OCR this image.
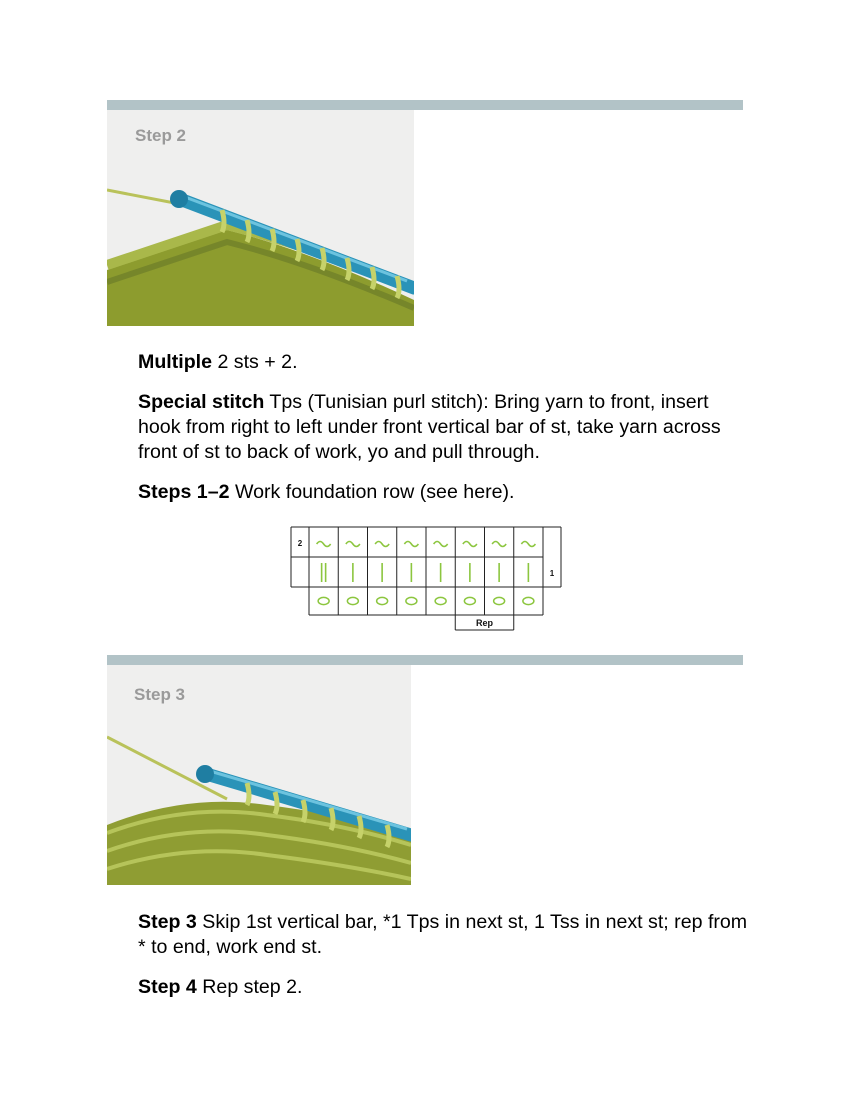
Step 2

Multiple 2 sts + 2.

Special stitch Tps (Tunisian purl stitch): Bring yarn to front, insert hook from right to left under front vertical bar of st, take yarn across front of st to back of work, yo and pull through.

Steps 1–2 Work foundation row (see here).

2
1
Rep
Step 3

Step 3 Skip 1st vertical bar, *1 Tps in next st, 1 Tss in next st; rep from * to end, work end st.

Step 4 Rep step 2.
